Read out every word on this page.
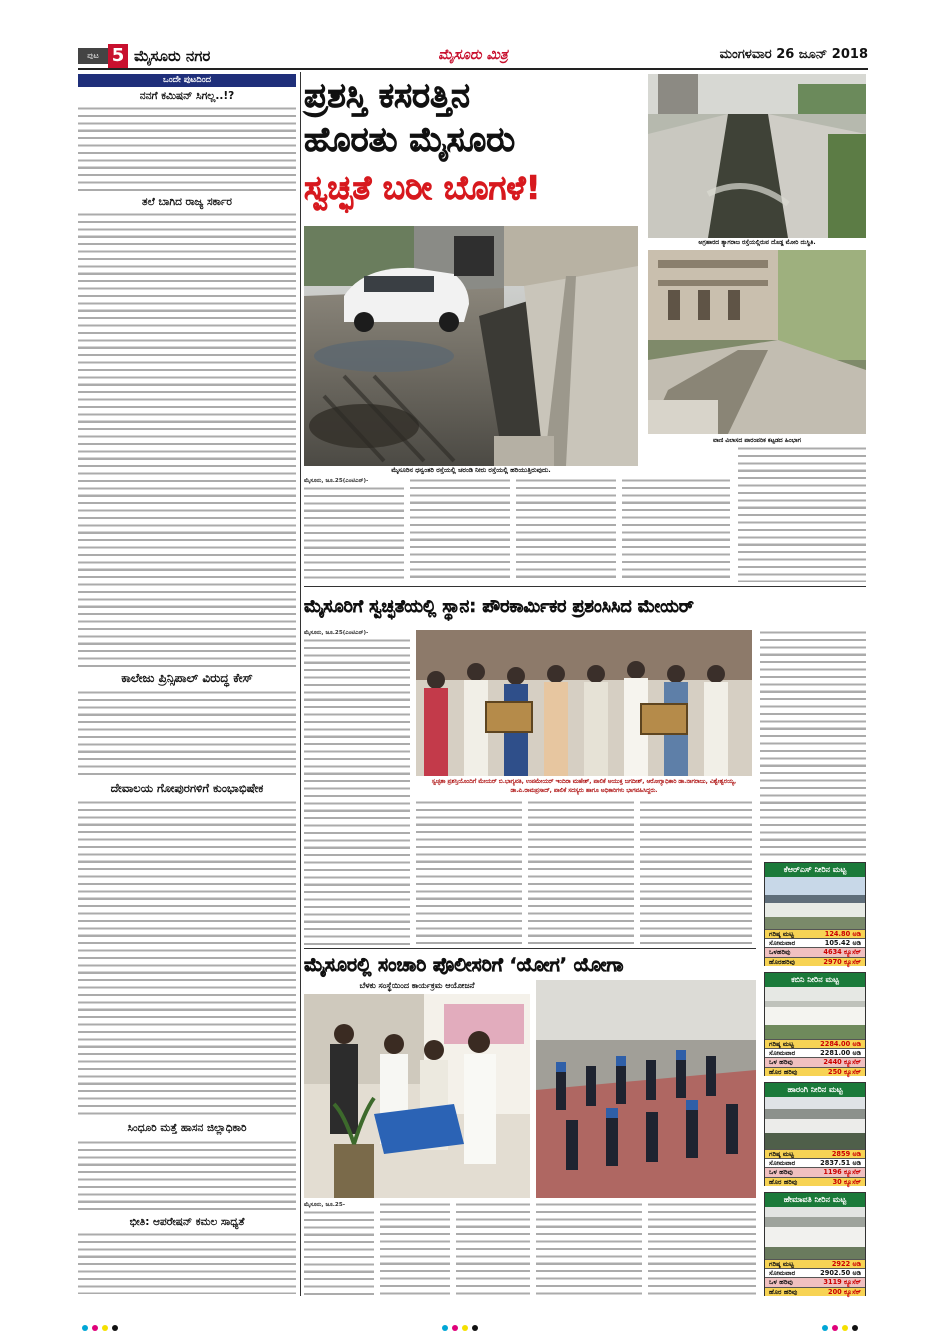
ಪುಟ 5 ಮೈಸೂರು ನಗರ	ಮೈಸೂರು ಮಿತ್ರ	ಮಂಗಳವಾರ 26 ಜೂನ್ 2018
ಒಂದೇ ಪುಟದಿಂದ
ನನಗೆ ಕಮಿಷನ್ ಸಿಗಲ್ಲ..!?
ತಲೆ ಬಾಗಿದ ರಾಜ್ಯ ಸರ್ಕಾರ
ಕಾಲೇಜು ಪ್ರಿನ್ಸಿಪಾಲ್ ವಿರುದ್ಧ ಕೇಸ್
ದೇವಾಲಯ ಗೋಪುರಗಳಿಗೆ ಕುಂಭಾಭಿಷೇಕ
ಸಿಂಧೂರಿ ಮತ್ತೆ ಹಾಸನ ಜಿಲ್ಲಾಧಿಕಾರಿ
ಭೀತಿ: ಆಪರೇಷನ್ ಕಮಲ ಸಾಧ್ಯತೆ
ಪ್ರಶಸ್ತಿ ಕಸರತ್ತಿನ
ಹೊರತು ಮೈಸೂರು
ಸ್ವಚ್ಛತೆ ಬರೀ ಬೊಗಳೆ!
ಮೈಸೂರಿನ ಧನ್ವಂತರಿ ರಸ್ತೆಯಲ್ಲಿ ಚರಂಡಿ ನೀರು ರಸ್ತೆಯಲ್ಲಿ ಹರಿಯುತ್ತಿರುವುದು.
ಅಗ್ರಹಾರದ ತ್ಯಾಗರಾಜ ರಸ್ತೆಯಲ್ಲಿರುವ ದೊಡ್ಡ ಮೋರಿ ದುಸ್ಥಿತಿ.
ವಾಣಿ ವಿಲಾಸದ ಪಾರಂಪರಿಕ ಕಟ್ಟಡದ ಹಿಂಭಾಗ
ಮೈಸೂರು, ಜೂ.25(ಎಂಟಿಎನ್)-
ಮೈಸೂರಿಗೆ ಸ್ವಚ್ಛತೆಯಲ್ಲಿ ಸ್ಥಾನ: ಪೌರಕಾರ್ಮಿಕರ ಪ್ರಶಂಸಿಸಿದ ಮೇಯರ್
ಮೈಸೂರು, ಜೂ.25(ಎಂಟಿಎನ್)-
ಸ್ವಚ್ಛತಾ ಪ್ರಶಸ್ತಿಯೊಂದಿಗೆ ಮೇಯರ್ ಬಿ.ಭಾಗ್ಯವತಿ, ಉಪಮೇಯರ್ ಇಂದಿರಾ ಮಹೇಶ್, ಪಾಲಿಕೆ ಆಯುಕ್ತ ಜಗದೀಶ್, ಆರೋಗ್ಯಾಧಿಕಾರಿ ಡಾ.ನಾಗರಾಜು, ವಿಶ್ವೇಶ್ವರಯ್ಯ, ಡಾ.ಪಿ.ರಾಮಪ್ರಸಾದ್, ಪಾಲಿಕೆ ಸದಸ್ಯರು ಹಾಗೂ ಅಧಿಕಾರಿಗಳು ಭಾಗವಹಿಸಿದ್ದರು.
ಕೆಆರ್‌ಎಸ್ ನೀರಿನ ಮಟ್ಟ
ಗರಿಷ್ಠ ಮಟ್ಟ	124.80 ಅಡಿ
ಸೋಮವಾರ	105.42 ಅಡಿ
ಒಳಹರಿವು	4634 ಕ್ಯೂಸೆಕ್
ಹೊರಹರಿವು	2970 ಕ್ಯೂಸೆಕ್
ಕಬಿನಿ ನೀರಿನ ಮಟ್ಟ
ಗರಿಷ್ಠ ಮಟ್ಟ	2284.00 ಅಡಿ
ಸೋಮವಾರ	2281.00 ಅಡಿ
ಒಳ ಹರಿವು	2440 ಕ್ಯೂಸೆಕ್
ಹೊರ ಹರಿವು	250 ಕ್ಯೂಸೆಕ್
ಹಾರಂಗಿ ನೀರಿನ ಮಟ್ಟ
ಗರಿಷ್ಠ ಮಟ್ಟ	2859 ಅಡಿ
ಸೋಮವಾರ	2837.51 ಅಡಿ
ಒಳ ಹರಿವು	1196 ಕ್ಯೂಸೆಕ್
ಹೊರ ಹರಿವು	30 ಕ್ಯೂಸೆಕ್
ಹೇಮಾವತಿ ನೀರಿನ ಮಟ್ಟ
ಗರಿಷ್ಠ ಮಟ್ಟ	2922 ಅಡಿ
ಸೋಮವಾರ	2902.50 ಅಡಿ
ಒಳ ಹರಿವು	3119 ಕ್ಯೂಸೆಕ್
ಹೊರ ಹರಿವು	200 ಕ್ಯೂಸೆಕ್
ಮೈಸೂರಲ್ಲಿ ಸಂಚಾರಿ ಪೊಲೀಸರಿಗೆ ‘ಯೋಗ’ ಯೋಗಾ
ಬೆಳಕು ಸಂಸ್ಥೆಯಿಂದ ಕಾರ್ಯಕ್ರಮ ಆಯೋಜನೆ
ಮೈಸೂರು, ಜೂ.25-
